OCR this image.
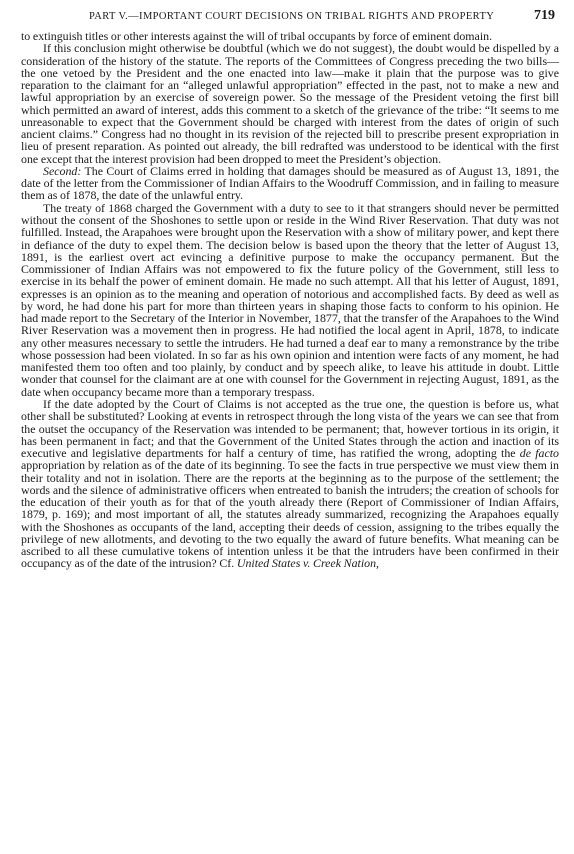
PART V.—IMPORTANT COURT DECISIONS ON TRIBAL RIGHTS AND PROPERTY	719

to extinguish titles or other interests against the will of tribal occupants by force of eminent domain.

If this conclusion might otherwise be doubtful (which we do not suggest), the doubt would be dispelled by a consideration of the history of the statute. The reports of the Committees of Congress preceding the two bills—the one vetoed by the President and the one enacted into law—make it plain that the purpose was to give reparation to the claimant for an “alleged unlawful appropriation” effected in the past, not to make a new and lawful appropriation by an exercise of sovereign power. So the message of the President vetoing the first bill which permitted an award of interest, adds this comment to a sketch of the grievance of the tribe: “It seems to me unreasonable to expect that the Government should be charged with interest from the dates of origin of such ancient claims.” Congress had no thought in its revision of the rejected bill to prescribe present expropriation in lieu of present reparation. As pointed out already, the bill redrafted was understood to be identical with the first one except that the interest provision had been dropped to meet the President’s objection.

Second: The Court of Claims erred in holding that damages should be measured as of August 13, 1891, the date of the letter from the Commissioner of Indian Affairs to the Woodruff Commission, and in failing to measure them as of 1878, the date of the unlawful entry.

The treaty of 1868 charged the Government with a duty to see to it that strangers should never be permitted without the consent of the Shoshones to settle upon or reside in the Wind River Reservation. That duty was not fulfilled. Instead, the Arapahoes were brought upon the Reservation with a show of military power, and kept there in defiance of the duty to expel them. The decision below is based upon the theory that the letter of August 13, 1891, is the earliest overt act evincing a definitive purpose to make the occupancy permanent. But the Commissioner of Indian Affairs was not empowered to fix the future policy of the Government, still less to exercise in its behalf the power of eminent domain. He made no such attempt. All that his letter of August, 1891, expresses is an opinion as to the meaning and operation of notorious and accomplished facts. By deed as well as by word, he had done his part for more than thirteen years in shaping those facts to conform to his opinion. He had made report to the Secretary of the Interior in November, 1877, that the transfer of the Arapahoes to the Wind River Reservation was a movement then in progress. He had notified the local agent in April, 1878, to indicate any other measures necessary to settle the intruders. He had turned a deaf ear to many a remonstrance by the tribe whose possession had been violated. In so far as his own opinion and intention were facts of any moment, he had manifested them too often and too plainly, by conduct and by speech alike, to leave his attitude in doubt. Little wonder that counsel for the claimant are at one with counsel for the Government in rejecting August, 1891, as the date when occupancy became more than a temporary trespass.

If the date adopted by the Court of Claims is not accepted as the true one, the question is before us, what other shall be substituted? Looking at events in retrospect through the long vista of the years we can see that from the outset the occupancy of the Reservation was intended to be permanent; that, however tortious in its origin, it has been permanent in fact; and that the Government of the United States through the action and inaction of its executive and legislative departments for half a century of time, has ratified the wrong, adopting the de facto appropriation by relation as of the date of its beginning. To see the facts in true perspective we must view them in their totality and not in isolation. There are the reports at the beginning as to the purpose of the settlement; the words and the silence of administrative officers when entreated to banish the intruders; the creation of schools for the education of their youth as for that of the youth already there (Report of Commissioner of Indian Affairs, 1879, p. 169); and most important of all, the statutes already summarized, recognizing the Arapahoes equally with the Shoshones as occupants of the land, accepting their deeds of cession, assigning to the tribes equally the privilege of new allotments, and devoting to the two equally the award of future benefits. What meaning can be ascribed to all these cumulative tokens of intention unless it be that the intruders have been confirmed in their occupancy as of the date of the intrusion? Cf. United States v. Creek Nation,
